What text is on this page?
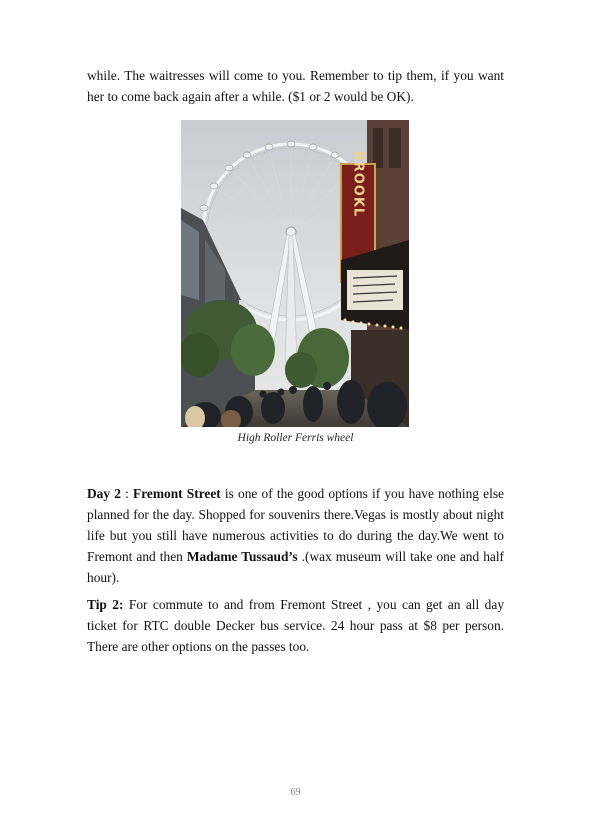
while. The waitresses will come to you. Remember to tip them, if you want her to come back again after a while. ($1 or 2 would be OK).

BROOKL
High Roller Ferris wheel

Day 2 : Fremont Street is one of the good options if you have nothing else planned for the day. Shopped for souvenirs there.Vegas is mostly about night life but you still have numerous activities to do during the day.We went to Fremont and then Madame Tussaud’s .(wax museum will take one and half hour).

Tip 2: For commute to and from Fremont Street , you can get an all day ticket for RTC double Decker bus service. 24 hour pass at $8 per person. There are other options on the passes too.

69
